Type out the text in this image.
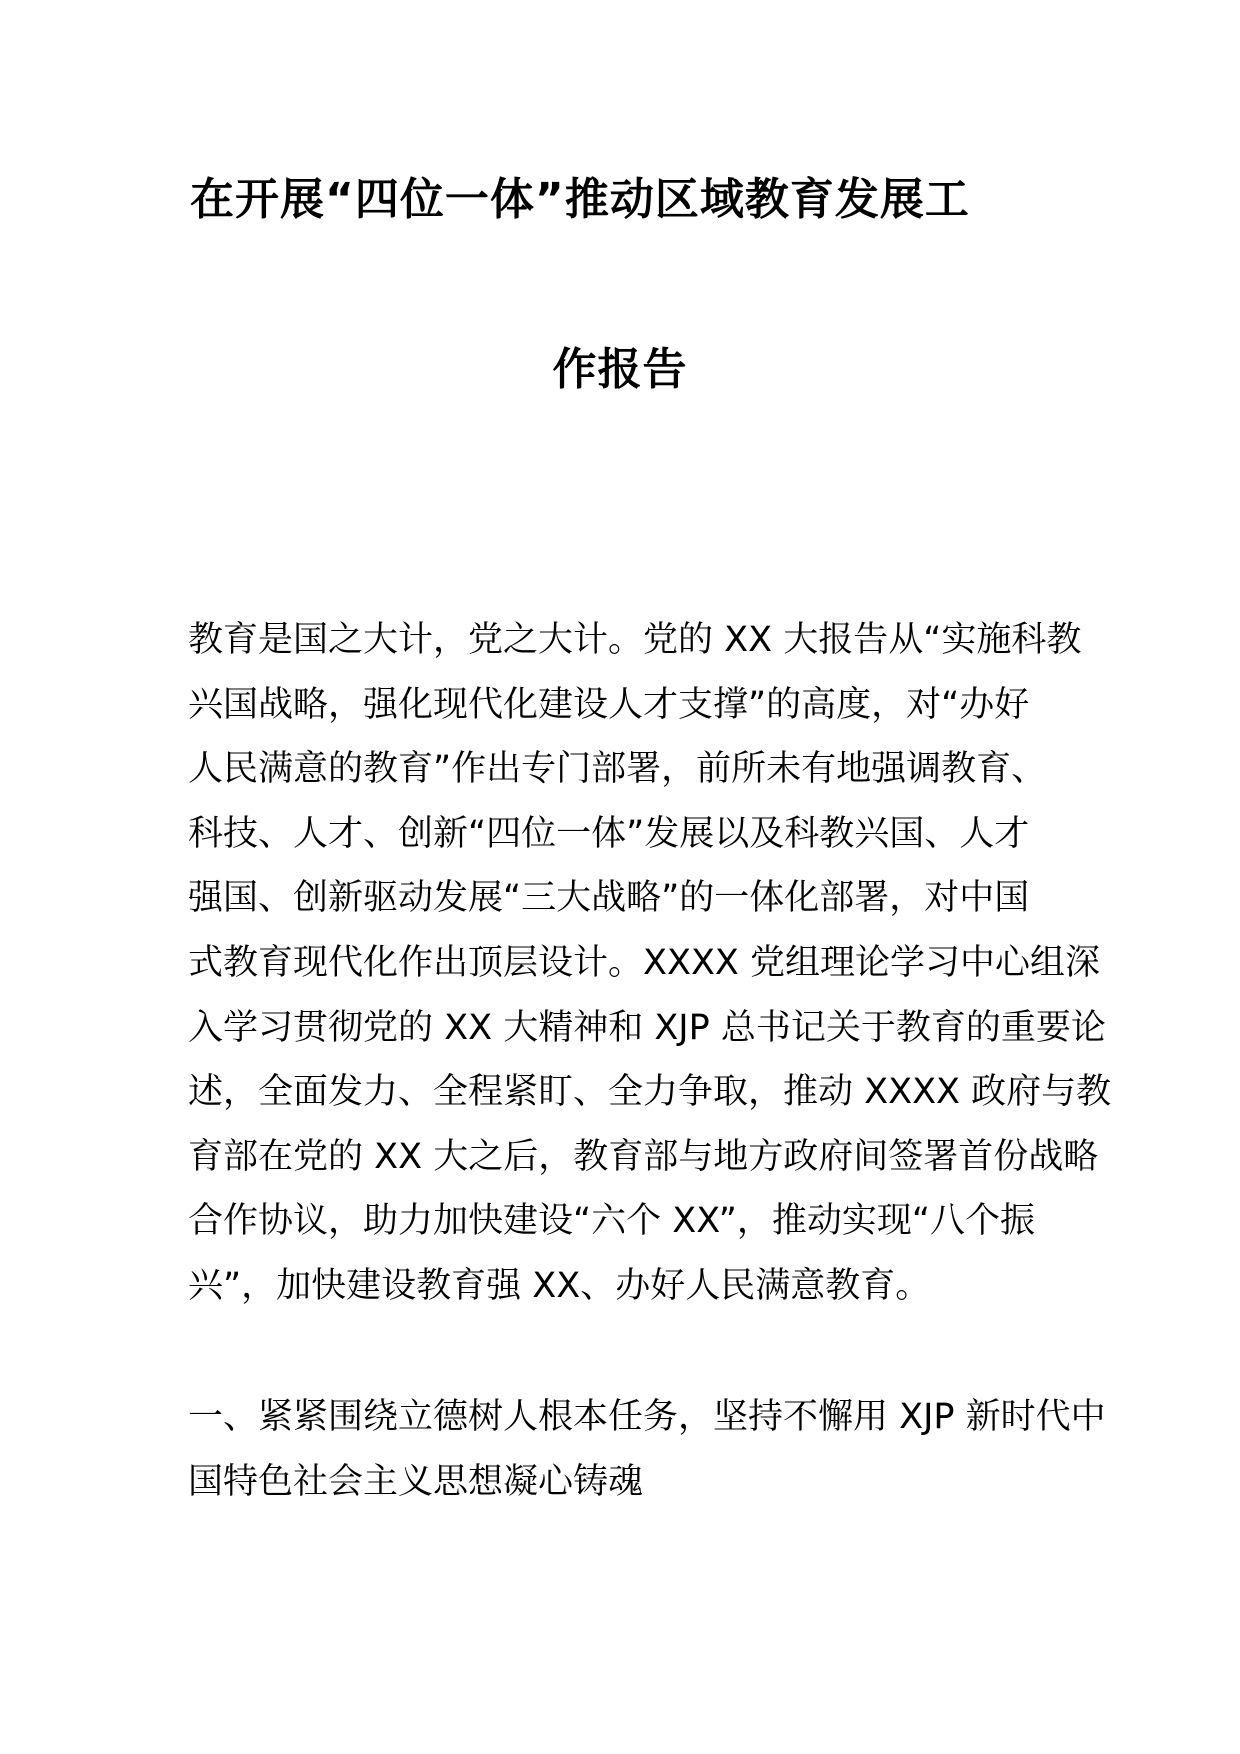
在开展“四位一体”推动区域教育发展工

作报告

教育是国之大计，党之大计。党的 XX 大报告从“实施科教

兴国战略，强化现代化建设人才支撑”的高度，对“办好

人民满意的教育”作出专门部署，前所未有地强调教育、

科技、人才、创新“四位一体”发展以及科教兴国、人才

强国、创新驱动发展“三大战略”的一体化部署，对中国

式教育现代化作出顶层设计。XXXX 党组理论学习中心组深

入学习贯彻党的 XX 大精神和 XJP 总书记关于教育的重要论

述，全面发力、全程紧盯、全力争取，推动 XXXX 政府与教

育部在党的 XX 大之后，教育部与地方政府间签署首份战略

合作协议，助力加快建设“六个 XX”，推动实现“八个振

兴”，加快建设教育强 XX、办好人民满意教育。

一、紧紧围绕立德树人根本任务，坚持不懈用 XJP 新时代中

国特色社会主义思想凝心铸魂
